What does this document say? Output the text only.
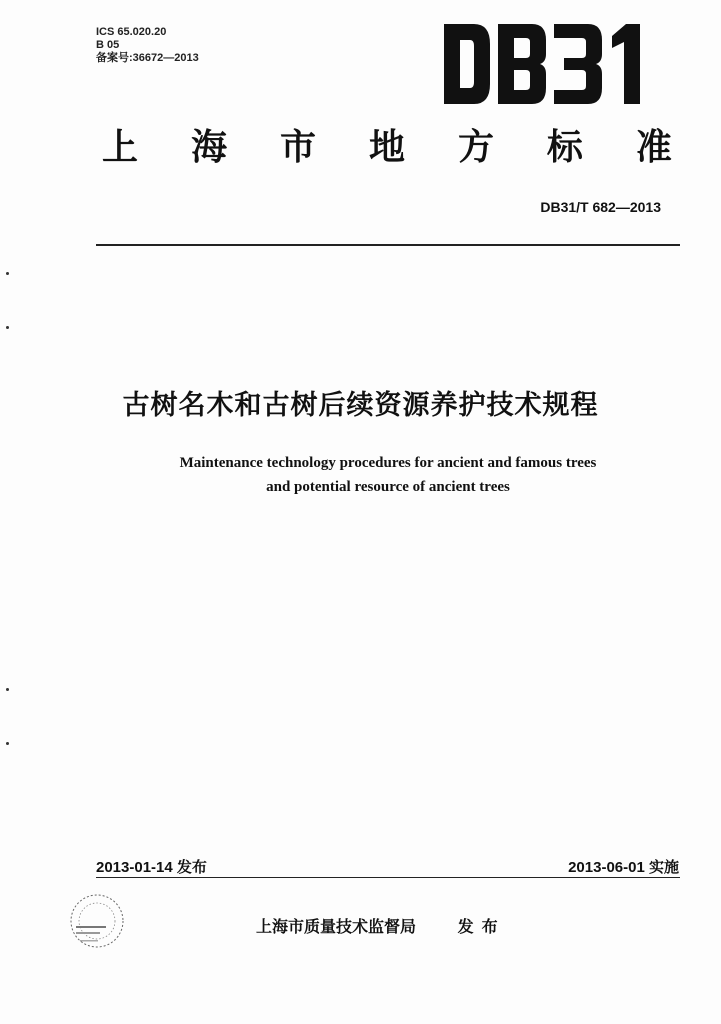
ICS 65.020.20
B 05
备案号:36672—2013
上 海 市 地 方 标 准
DB31/T 682—2013
古树名木和古树后续资源养护技术规程
Maintenance technology procedures for ancient and famous trees
and potential resource of ancient trees
2013-01-14 发布	2013-06-01 实施
上海市质量技术监督局	发布
